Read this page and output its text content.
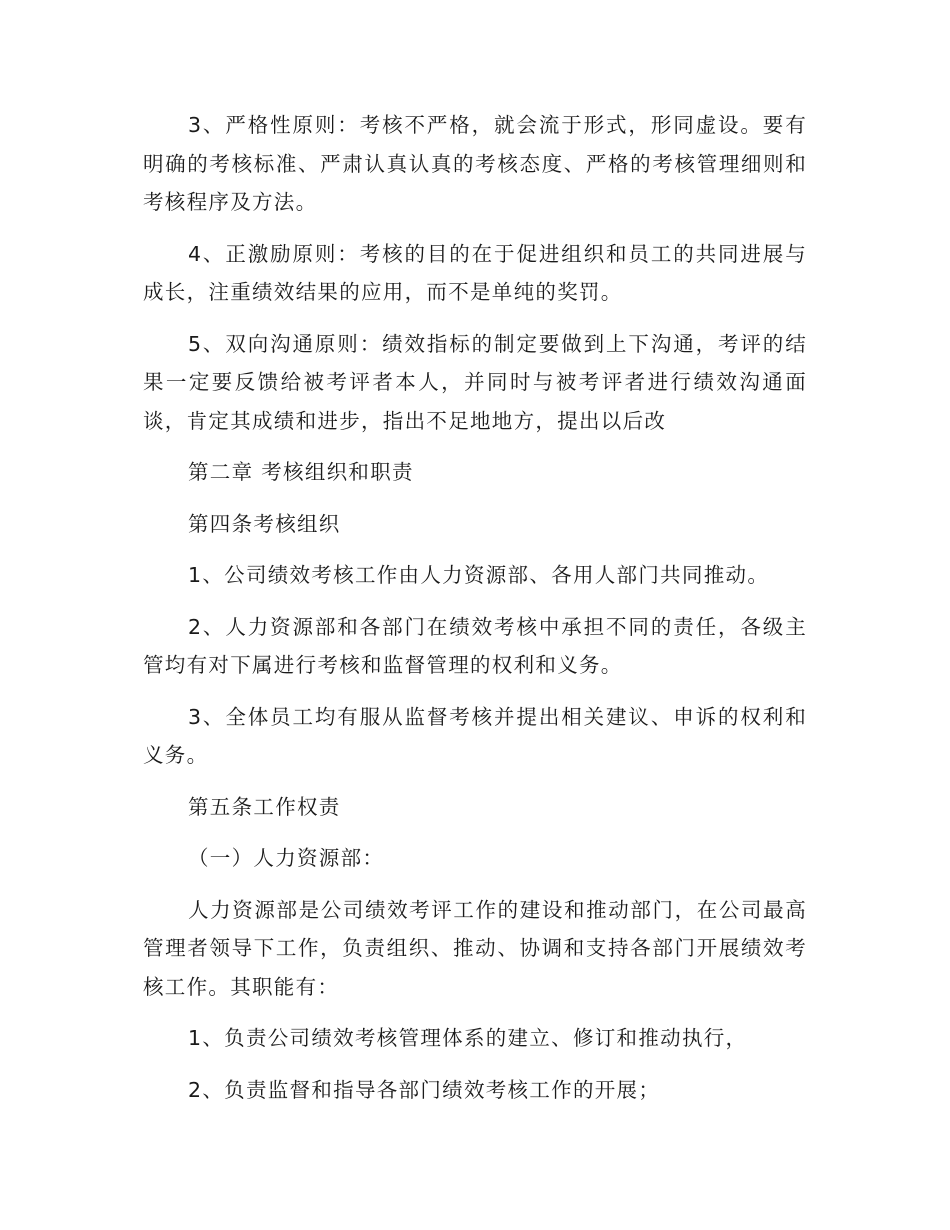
3、严格性原则：考核不严格，就会流于形式，形同虚设。要有明确的考核标准、严肃认真认真的考核态度、严格的考核管理细则和考核程序及方法。

4、正激励原则：考核的目的在于促进组织和员工的共同进展与成长，注重绩效结果的应用，而不是单纯的奖罚。

5、双向沟通原则：绩效指标的制定要做到上下沟通，考评的结果一定要反馈给被考评者本人，并同时与被考评者进行绩效沟通面谈，肯定其成绩和进步，指出不足地地方，提出以后改

第二章 考核组织和职责

第四条考核组织

1、公司绩效考核工作由人力资源部、各用人部门共同推动。

2、人力资源部和各部门在绩效考核中承担不同的责任，各级主管均有对下属进行考核和监督管理的权利和义务。

3、全体员工均有服从监督考核并提出相关建议、申诉的权利和义务。

第五条工作权责

（一）人力资源部：

人力资源部是公司绩效考评工作的建设和推动部门，在公司最高管理者领导下工作，负责组织、推动、协调和支持各部门开展绩效考核工作。其职能有：

1、负责公司绩效考核管理体系的建立、修订和推动执行，

2、负责监督和指导各部门绩效考核工作的开展；
